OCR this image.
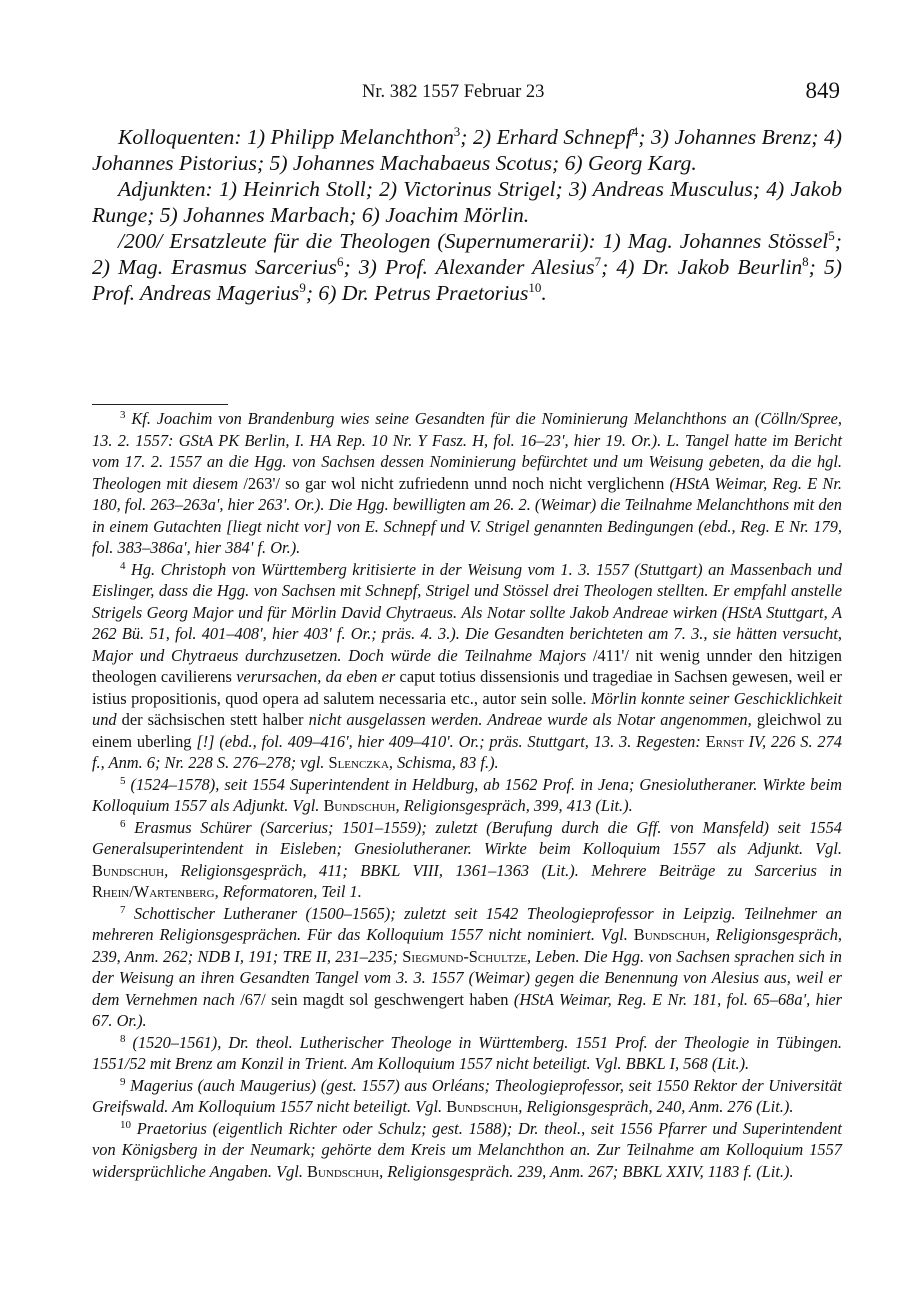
Nr. 382 1557 Februar 23	849

Kolloquenten: 1) Philipp Melanchthon$^3$; 2) Erhard Schnepf$^4$; 3) Johannes Brenz; 4) Johannes Pistorius; 5) Johannes Machabaeus Scotus; 6) Georg Karg.

Adjunkten: 1) Heinrich Stoll; 2) Victorinus Strigel; 3) Andreas Musculus; 4) Jakob Runge; 5) Johannes Marbach; 6) Joachim Mörlin.

/200/ Ersatzleute für die Theologen (Supernumerarii): 1) Mag. Johannes Stössel$^5$; 2) Mag. Erasmus Sarcerius$^6$; 3) Prof. Alexander Alesius$^7$; 4) Dr. Jakob Beurlin$^8$; 5) Prof. Andreas Magerius$^9$; 6) Dr. Petrus Praetorius$^{10}$.

$^3$ Kf. Joachim von Brandenburg wies seine Gesandten für die Nominierung Melanchthons an (Cölln/Spree, 13. 2. 1557: GStA PK Berlin, I. HA Rep. 10 Nr. Y Fasz. H, fol. 16–23', hier 19. Or.). L. Tangel hatte im Bericht vom 17. 2. 1557 an die Hgg. von Sachsen dessen Nominierung befürchtet und um Weisung gebeten, da die hgl. Theologen mit diesem /263'/ so gar wol nicht zufriedenn unnd noch nicht verglichenn (HStA Weimar, Reg. E Nr. 180, fol. 263–263a', hier 263'. Or.). Die Hgg. bewilligten am 26. 2. (Weimar) die Teilnahme Melanchthons mit den in einem Gutachten [liegt nicht vor] von E. Schnepf und V. Strigel genannten Bedingungen (ebd., Reg. E Nr. 179, fol. 383–386a', hier 384' f. Or.).

$^4$ Hg. Christoph von Württemberg kritisierte in der Weisung vom 1. 3. 1557 (Stuttgart) an Massenbach und Eislinger, dass die Hgg. von Sachsen mit Schnepf, Strigel und Stössel drei Theologen stellten. Er empfahl anstelle Strigels Georg Major und für Mörlin David Chytraeus. Als Notar sollte Jakob Andreae wirken (HStA Stuttgart, A 262 Bü. 51, fol. 401–408', hier 403' f. Or.; präs. 4. 3.). Die Gesandten berichteten am 7. 3., sie hätten versucht, Major und Chytraeus durchzusetzen. Doch würde die Teilnahme Majors /411'/ nit wenig unnder den hitzigen theologen cavilierens verursachen, da eben er caput totius dissensionis und tragediae in Sachsen gewesen, weil er istius propositionis, quod opera ad salutem necessaria etc., autor sein solle. Mörlin konnte seiner Geschicklichkeit und der sächsischen stett halber nicht ausgelassen werden. Andreae wurde als Notar angenommen, gleichwol zu einem uberling [!] (ebd., fol. 409–416', hier 409–410'. Or.; präs. Stuttgart, 13. 3. Regesten: Ernst IV, 226 S. 274 f., Anm. 6; Nr. 228 S. 276–278; vgl. Slenczka, Schisma, 83 f.).

$^5$ (1524–1578), seit 1554 Superintendent in Heldburg, ab 1562 Prof. in Jena; Gnesiolutheraner. Wirkte beim Kolloquium 1557 als Adjunkt. Vgl. Bundschuh, Religionsgespräch, 399, 413 (Lit.).

$^6$ Erasmus Schürer (Sarcerius; 1501–1559); zuletzt (Berufung durch die Gff. von Mansfeld) seit 1554 Generalsuperintendent in Eisleben; Gnesiolutheraner. Wirkte beim Kolloquium 1557 als Adjunkt. Vgl. Bundschuh, Religionsgespräch, 411; BBKL VIII, 1361–1363 (Lit.). Mehrere Beiträge zu Sarcerius in Rhein/Wartenberg, Reformatoren, Teil 1.

$^7$ Schottischer Lutheraner (1500–1565); zuletzt seit 1542 Theologieprofessor in Leipzig. Teilnehmer an mehreren Religionsgesprächen. Für das Kolloquium 1557 nicht nominiert. Vgl. Bundschuh, Religionsgespräch, 239, Anm. 262; NDB I, 191; TRE II, 231–235; Siegmund-Schultze, Leben. Die Hgg. von Sachsen sprachen sich in der Weisung an ihren Gesandten Tangel vom 3. 3. 1557 (Weimar) gegen die Benennung von Alesius aus, weil er dem Vernehmen nach /67/ sein magdt sol geschwengert haben (HStA Weimar, Reg. E Nr. 181, fol. 65–68a', hier 67. Or.).

$^8$ (1520–1561), Dr. theol. Lutherischer Theologe in Württemberg. 1551 Prof. der Theologie in Tübingen. 1551/52 mit Brenz am Konzil in Trient. Am Kolloquium 1557 nicht beteiligt. Vgl. BBKL I, 568 (Lit.).

$^9$ Magerius (auch Maugerius) (gest. 1557) aus Orléans; Theologieprofessor, seit 1550 Rektor der Universität Greifswald. Am Kolloquium 1557 nicht beteiligt. Vgl. Bundschuh, Religionsgespräch, 240, Anm. 276 (Lit.).

$^{10}$ Praetorius (eigentlich Richter oder Schulz; gest. 1588); Dr. theol., seit 1556 Pfarrer und Superintendent von Königsberg in der Neumark; gehörte dem Kreis um Melanchthon an. Zur Teilnahme am Kolloquium 1557 widersprüchliche Angaben. Vgl. Bundschuh, Religionsgespräch. 239, Anm. 267; BBKL XXIV, 1183 f. (Lit.).
